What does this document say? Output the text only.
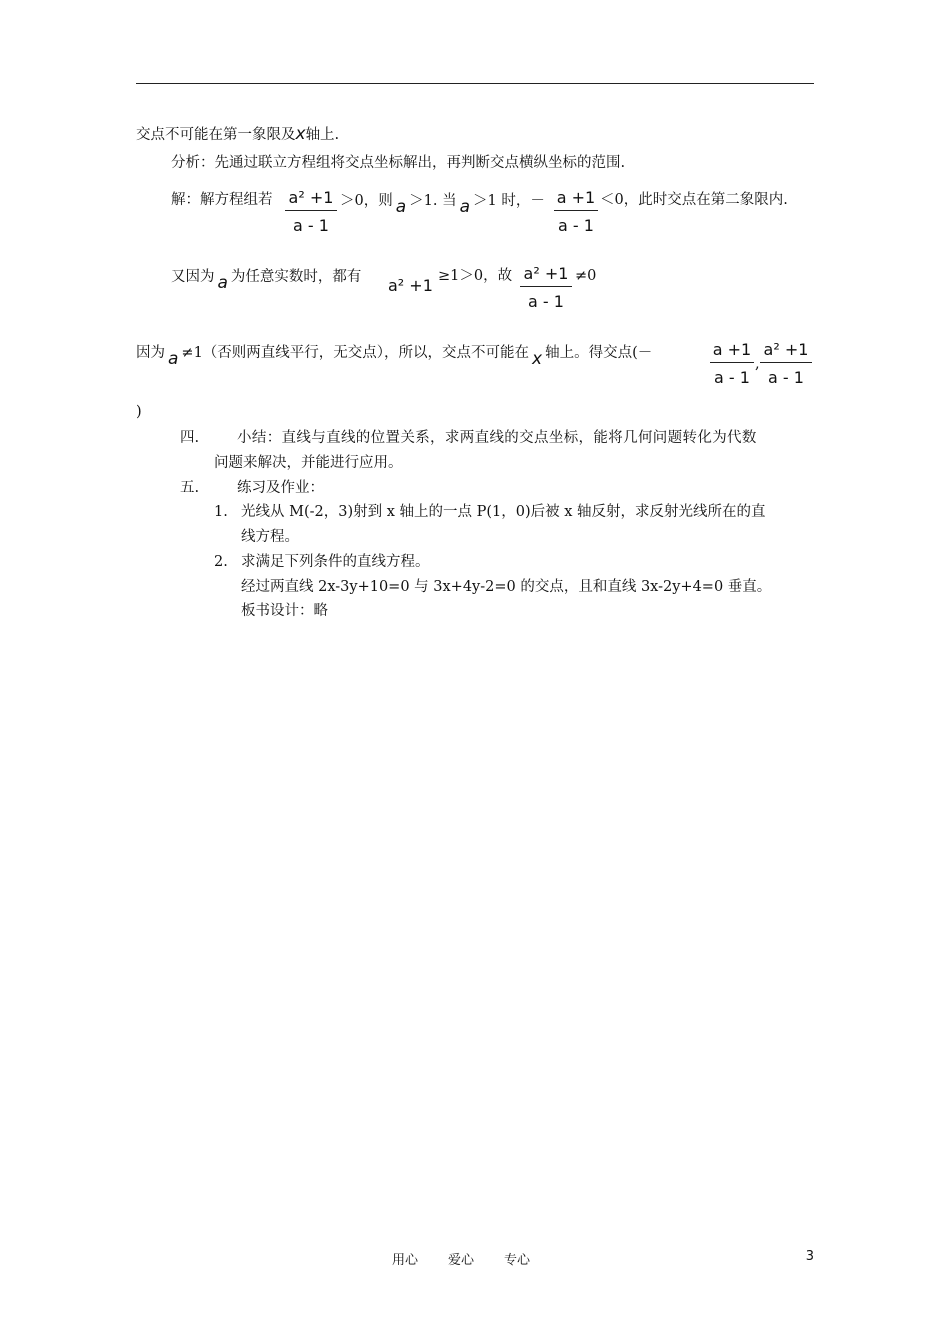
交点不可能在第一象限及x轴上.
分析：先通过联立方程组将交点坐标解出，再判断交点横纵坐标的范围.
解：解方程组若 $\frac{\text{a² +1}}{a - 1} >0$，则 a ＞1. 当 a ＞1 时，－ $\frac{a +1}{a - 1} <0$，此时交点在第二象限内.
又因为 a 为任意实数时，都有 a² +1 ≥1＞0，故 $\frac{\text{a² +1}}{a - 1} \ne 0$
因为 a ≠1（否则两直线平行，无交点），所以，交点不可能在 x 轴上。得交点(－	$\frac{a +1}{a - 1}$ , $\frac{\text{a² +1}}{a - 1}$
)
四.	小结：直线与直线的位置关系，求两直线的交点坐标，能将几何问题转化为代数
问题来解决，并能进行应用。
五.	练习及作业：
1. 光线从 M(-2，3)射到 x 轴上的一点 P(1，0)后被 x 轴反射，求反射光线所在的直
线方程。
2. 求满足下列条件的直线方程。
经过两直线 2x-3y+10=0 与 3x+4y-2=0 的交点，且和直线 3x-2y+4=0 垂直。
板书设计：略
用心 爱心 专心	3
